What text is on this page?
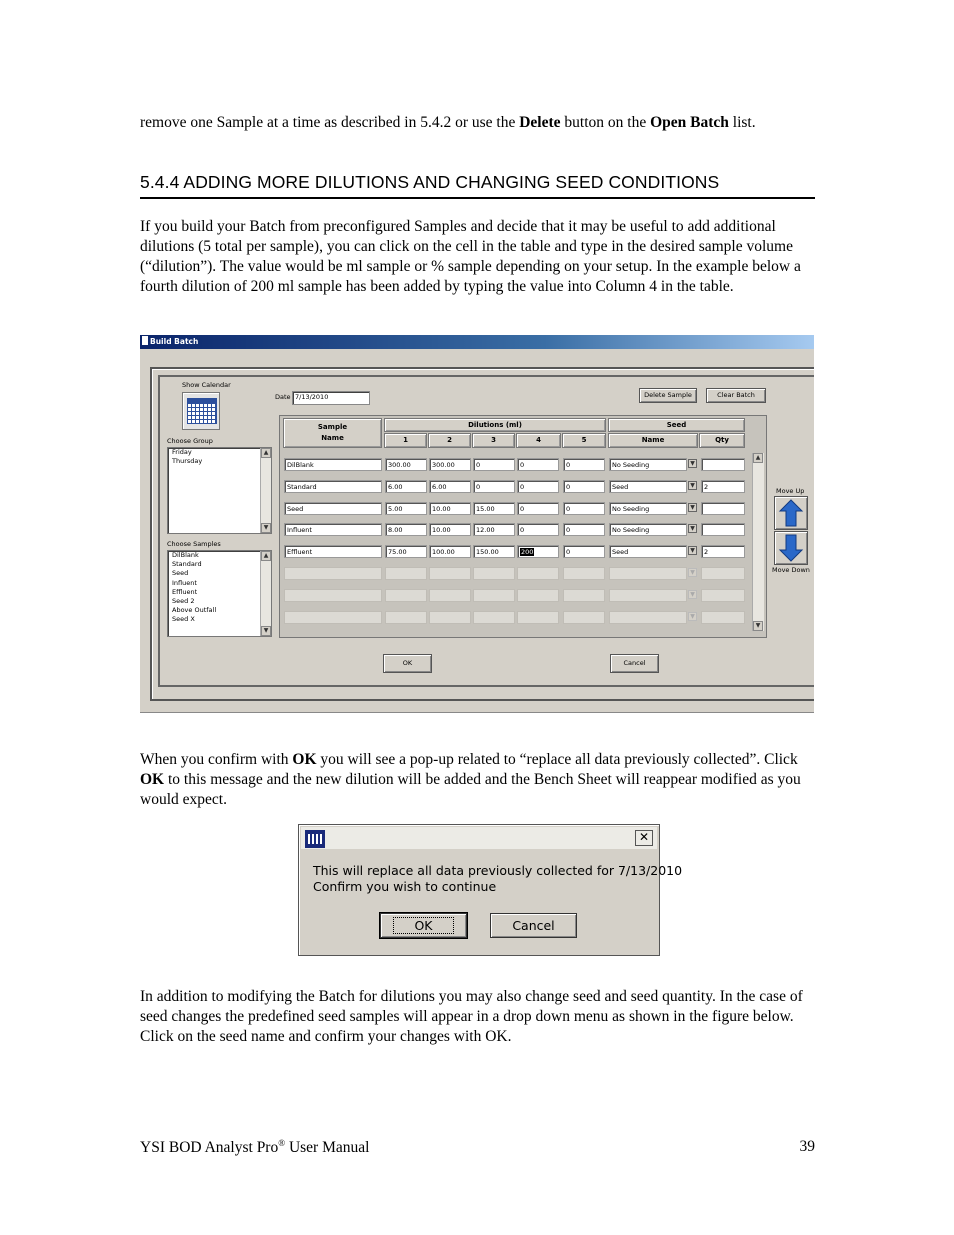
remove one Sample at a time as described in 5.4.2 or use the Delete button on the Open Batch list.

5.4.4 ADDING MORE DILUTIONS AND CHANGING SEED CONDITIONS

If you build your Batch from preconfigured Samples and decide that it may be useful to add additional dilutions (5 total per sample), you can click on the cell in the table and type in the desired sample volume (“dilution”). The value would be ml sample or % sample depending on your setup. In the example below a fourth dilution of 200 ml sample has been added by typing the value into Column 4 in the table.

Build Batch
Show Calendar
Date 7/13/2010	Delete Sample	Clear Batch
Choose Group
Friday
Thursday
▲
▼
Choose Samples
DilBlank
Standard
Seed
Influent
Effluent
Seed 2
Above Outfall
Seed X
▲
▼
Sample
Name
Dilutions (ml)
1	2	3	4	5
Seed
Name	Qty
DilBlank	300.00	300.00	0	0	0	No Seeding	▼
Standard	6.00	6.00	0	0	0	Seed	2
▼
Seed	5.00	10.00	15.00	0	0	No Seeding	▼
Influent	8.00	10.00	12.00	0	0	No Seeding	▼
Effluent	75.00	100.00	150.00	200	0	Seed	2
▼
▼
▼
▼
▲
▼
Move Up
Move Down
OK	Cancel

When you confirm with OK you will see a pop-up related to “replace all data previously collected”. Click OK to this message and the new dilution will be added and the Bench Sheet will reappear modified as you would expect.

✕
This will replace all data previously collected for 7/13/2010
Confirm you wish to continue
OK	Cancel

In addition to modifying the Batch for dilutions you may also change seed and seed quantity. In the case of seed changes the predefined seed samples will appear in a drop down menu as shown in the figure below. Click on the seed name and confirm your changes with OK.

YSI BOD Analyst Pro® User Manual	39
